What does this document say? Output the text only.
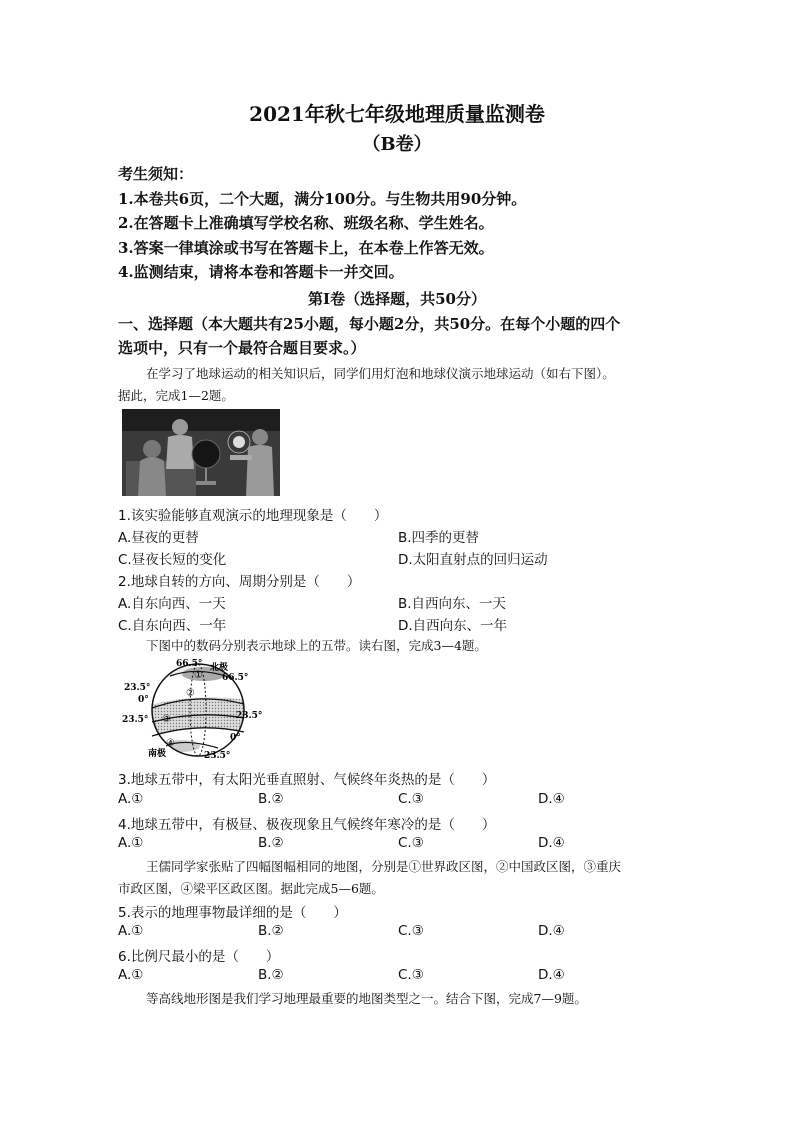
2021年秋七年级地理质量监测卷
（B卷）
考生须知：
1.本卷共6页，二个大题，满分100分。与生物共用90分钟。
2.在答题卡上准确填写学校名称、班级名称、学生姓名。
3.答案一律填涂或书写在答题卡上，在本卷上作答无效。
4.监测结束，请将本卷和答题卡一并交回。
第Ⅰ卷（选择题，共50分）
一、选择题（本大题共有25小题，每小题2分，共50分。在每个小题的四个
选项中，只有一个最符合题目要求。）
在学习了地球运动的相关知识后，同学们用灯泡和地球仪演示地球运动（如右下图）。
据此，完成1—2题。
1.该实验能够直观演示的地理现象是（　　）
A.昼夜的更替	B.四季的更替
C.昼夜长短的变化	D.太阳直射点的回归运动
2.地球自转的方向、周期分别是（　　）
A.自东向西、一天	B.自西向东、一天
C.自东向西、一年	D.自西向东、一年
下图中的数码分别表示地球上的五带。读右图，完成3—4题。
66.5° 北极
66.5°
23.5°
0°
23.5°	23.5°
0°
南极	23.5°
①
②
③
④
3.地球五带中，有太阳光垂直照射、气候终年炎热的是（　　）
A.①	B.②	C.③	D.④
4.地球五带中，有极昼、极夜现象且气候终年寒冷的是（　　）
A.①	B.②	C.③	D.④
王儒同学家张贴了四幅图幅相同的地图，分别是①世界政区图，②中国政区图，③重庆
市政区图，④梁平区政区图。据此完成5—6题。
5.表示的地理事物最详细的是（　　）
A.①	B.②	C.③	D.④
6.比例尺最小的是（　　）
A.①	B.②	C.③	D.④
等高线地形图是我们学习地理最重要的地图类型之一。结合下图，完成7—9题。
